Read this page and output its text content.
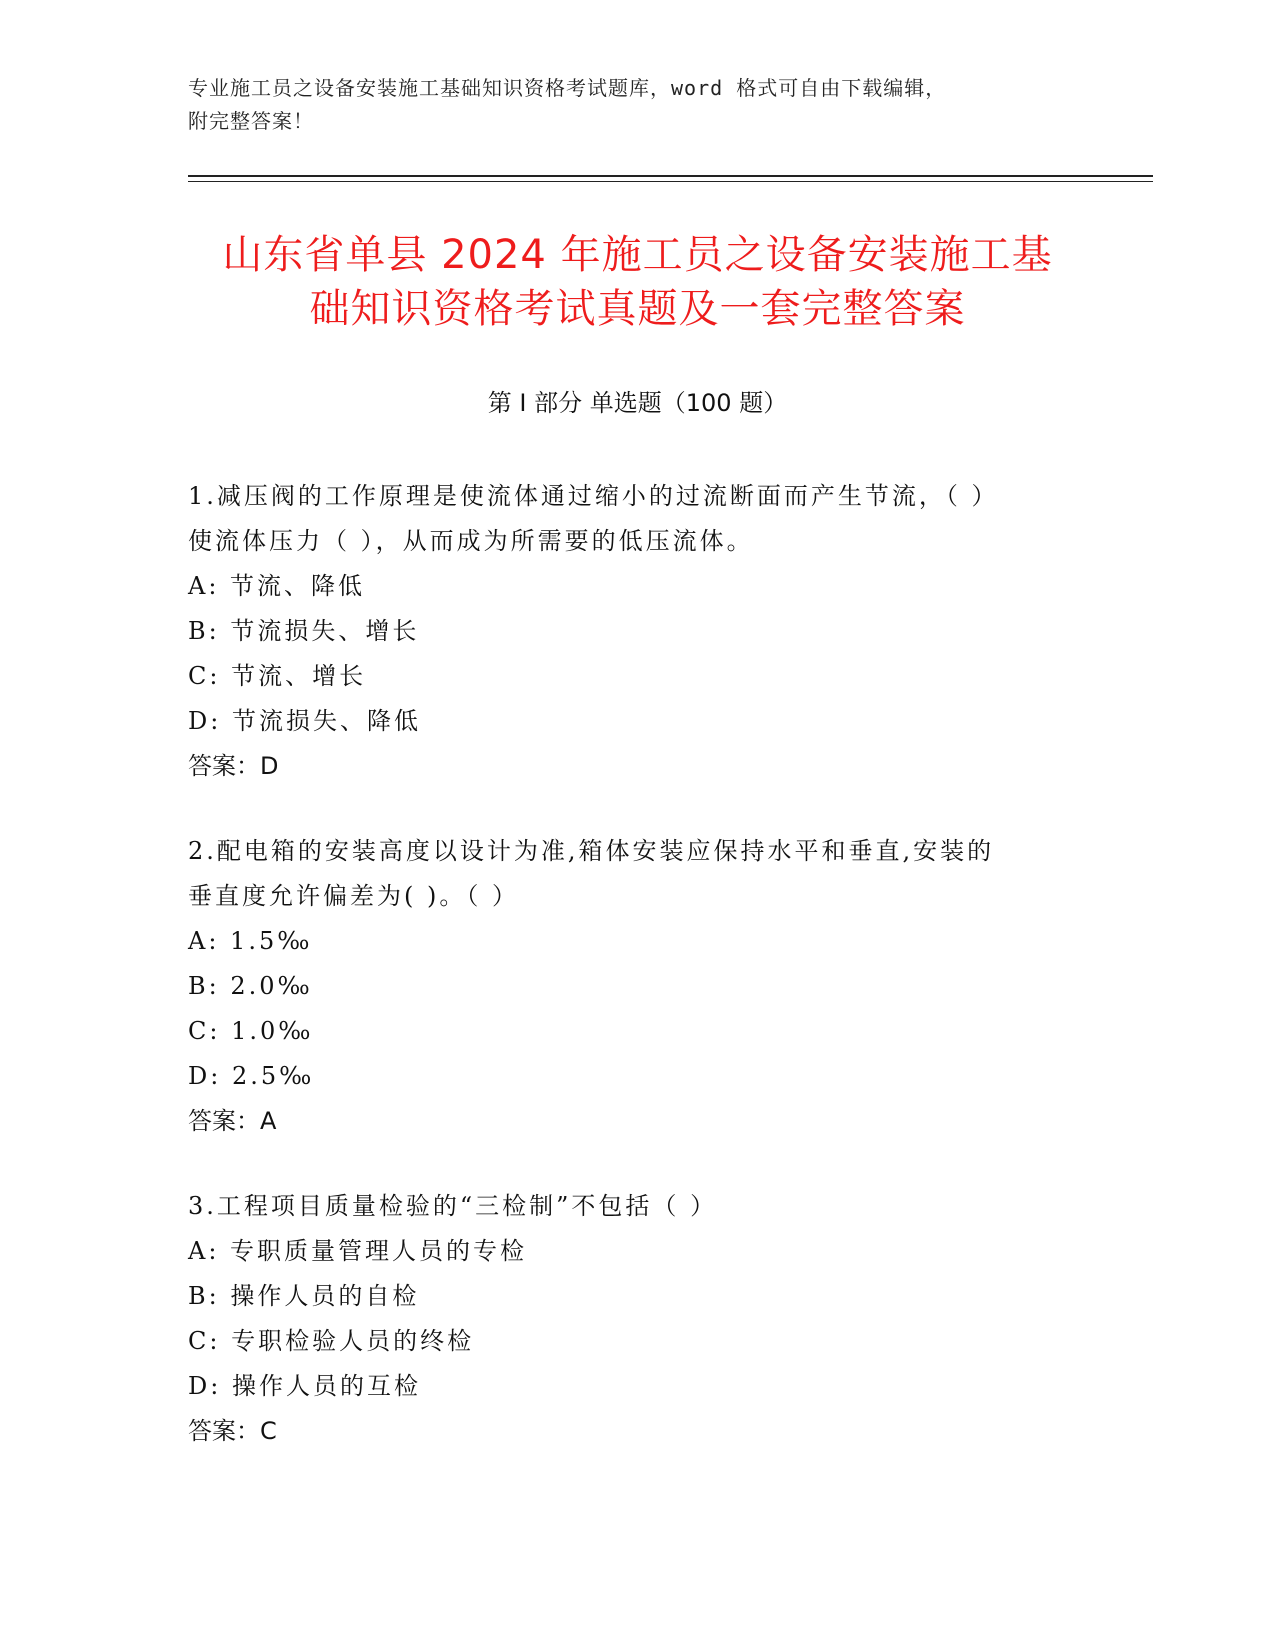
专业施工员之设备安装施工基础知识资格考试题库，word 格式可自由下载编辑，
附完整答案！
山东省单县 2024 年施工员之设备安装施工基
础知识资格考试真题及一套完整答案
第 I 部分 单选题（100 题）
1.减压阀的工作原理是使流体通过缩小的过流断面而产生节流，（ ）
使流体压力（ ），从而成为所需要的低压流体。
A: 节流、降低
B: 节流损失、增长
C: 节流、增长
D: 节流损失、降低
答案：D
2.配电箱的安装高度以设计为准,箱体安装应保持水平和垂直,安装的
垂直度允许偏差为( )。（ ）
A: 1.5‰
B: 2.0‰
C: 1.0‰
D: 2.5‰
答案：A
3.工程项目质量检验的“三检制”不包括（ ）
A: 专职质量管理人员的专检
B: 操作人员的自检
C: 专职检验人员的终检
D: 操作人员的互检
答案：C
